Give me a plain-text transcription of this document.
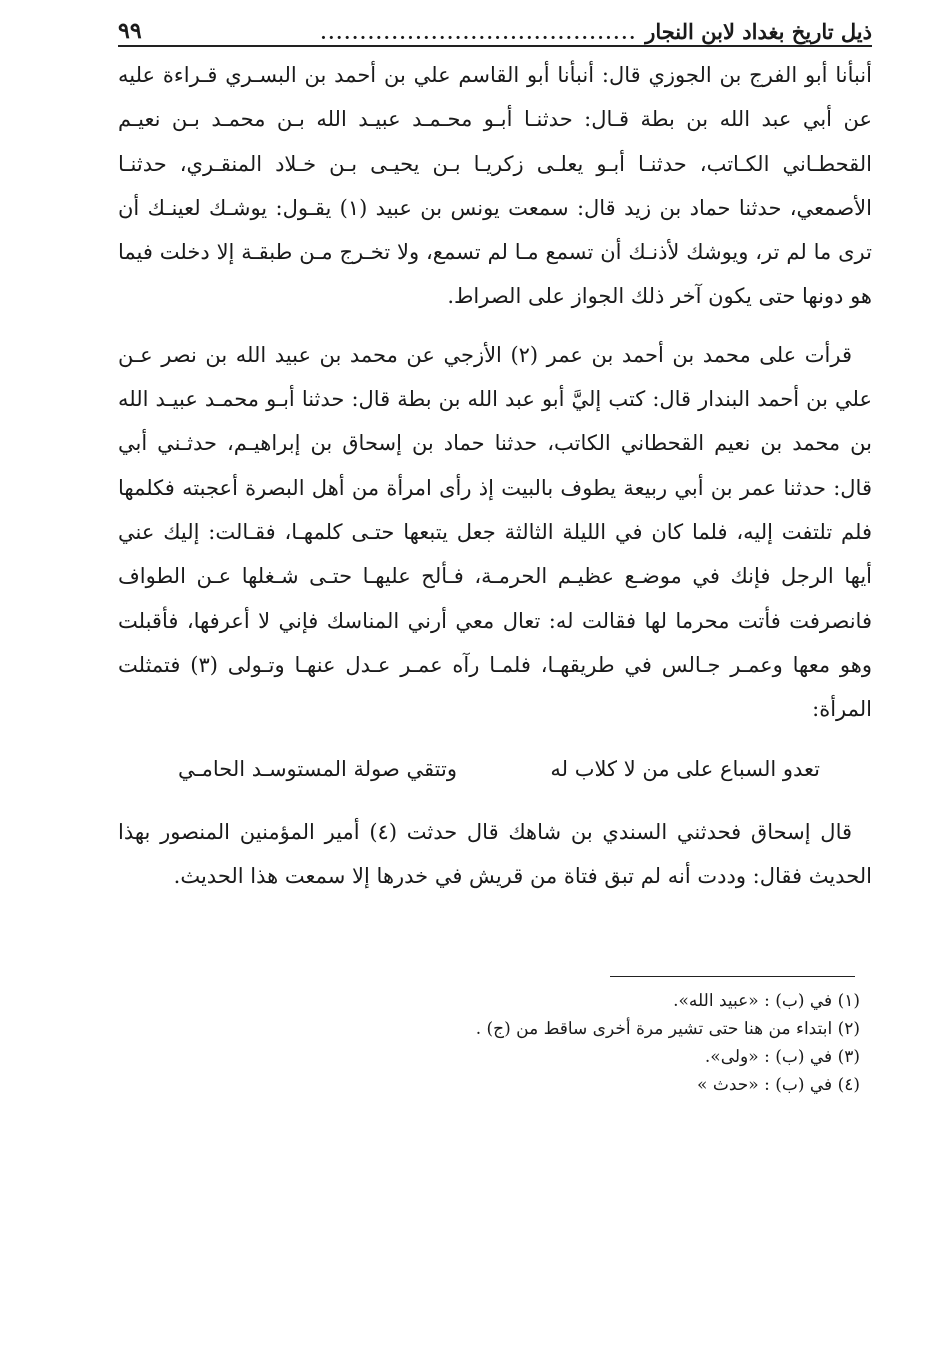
ذيل تاريخ بغداد لابن النجار
........................................
٩٩

أنبأنا أبو الفرج بن الجوزي قال: أنبأنا أبو القاسم علي بن أحمد بن البسـري قـراءة عليه عن أبي عبد الله بن بطة قـال: حدثنـا أبـو محـمـد عبيـد الله بـن محمـد بـن نعيـم القحطـاني الكـاتب، حدثنـا أبـو يعلـى زكريـا بـن يحيـى بـن خـلاد المنقـري، حدثنـا الأصمعي، حدثنا حماد بن زيد قال: سمعت يونس بن عبيد (١) يقـول: يوشـك لعينـك أن ترى ما لم تر، ويوشك لأذنـك أن تسمع مـا لم تسمع، ولا تخـرج مـن طبقـة إلا دخلت فيما هو دونها حتى يكون آخر ذلك الجواز على الصراط.

قرأت على محمد بن أحمد بن عمر (٢) الأزجي عن محمد بن عبيد الله بن نصر عـن علي بن أحمد البندار قال: كتب إليَّ أبو عبد الله بن بطة قال: حدثنا أبـو محمـد عبيـد الله بن محمد بن نعيم القحطاني الكاتب، حدثنا حماد بن إسحاق بن إبراهيـم، حدثـني أبي قال: حدثنا عمر بن أبي ربيعة يطوف بالبيت إذ رأى امرأة من أهل البصرة أعجبته فكلمها فلم تلتفت إليه، فلما كان في الليلة الثالثة جعل يتبعها حتـى كلمهـا، فقـالت: إليك عني أيها الرجل فإنك في موضـع عظيـم الحرمـة، فـألح عليهـا حتـى شـغلها عـن الطواف فانصرفت فأتت محرما لها فقالت له: تعال معي أرني المناسك فإني لا أعرفها، فأقبلت وهو معها وعمـر جـالس في طريقهـا، فلمـا رآه عمـر عـدل عنهـا وتـولى (٣) فتمثلت المرأة:

تعدو السباع على من لا كلاب له
وتتقي صولة المستوسـد الحامـي

قال إسحاق فحدثني السندي بن شاهك قال حدثت (٤) أمير المؤمنين المنصور بهذا الحديث فقال: وددت أنه لم تبق فتاة من قريش في خدرها إلا سمعت هذا الحديث.

(١) في (ب) : «عبيد الله».
(٢) ابتداء من هنا حتى تشير مرة أخرى ساقط من (ج) .
(٣) في (ب) : «ولى».
(٤) في (ب) : «حدث »
